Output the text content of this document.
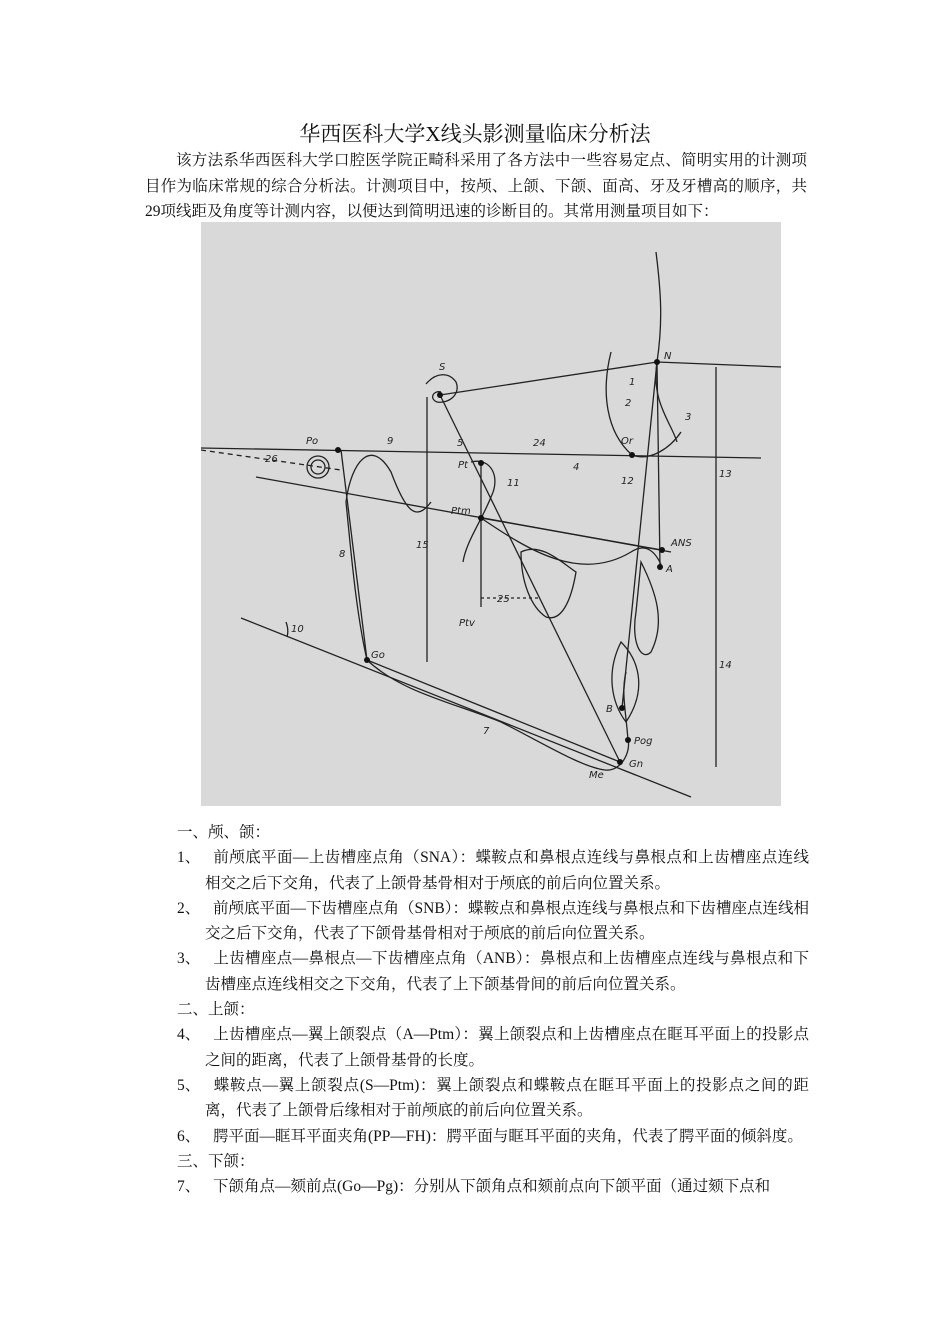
华西医科大学X线头影测量临床分析法

该方法系华西医科大学口腔医学院正畸科采用了各方法中一些容易定点、简明实用的计测项目作为临床常规的综合分析法。计测项目中，按颅、上颌、下颌、面高、牙及牙槽高的顺序，共29项线距及角度等计测内容，以便达到简明迅速的诊断目的。其常用测量项目如下：

S
N
Po	Or
Pt
Ptm
ANS
A
B
Pog
Gn
Me
Go
Ptv
1
2
3
4
5
26
7
8
9
10
11	12
13
14
15
24
25

一、颅、颌：

1、 前颅底平面—上齿槽座点角（SNA）：蝶鞍点和鼻根点连线与鼻根点和上齿槽座点连线相交之后下交角，代表了上颌骨基骨相对于颅底的前后向位置关系。

2、 前颅底平面—下齿槽座点角（SNB）：蝶鞍点和鼻根点连线与鼻根点和下齿槽座点连线相交之后下交角，代表了下颌骨基骨相对于颅底的前后向位置关系。

3、 上齿槽座点—鼻根点—下齿槽座点角（ANB）：鼻根点和上齿槽座点连线与鼻根点和下齿槽座点连线相交之下交角，代表了上下颌基骨间的前后向位置关系。

二、上颌：

4、 上齿槽座点—翼上颌裂点（A—Ptm）：翼上颌裂点和上齿槽座点在眶耳平面上的投影点之间的距离，代表了上颌骨基骨的长度。

5、 蝶鞍点—翼上颌裂点(S—Ptm)：翼上颌裂点和蝶鞍点在眶耳平面上的投影点之间的距离，代表了上颌骨后缘相对于前颅底的前后向位置关系。

6、 腭平面—眶耳平面夹角(PP—FH)：腭平面与眶耳平面的夹角，代表了腭平面的倾斜度。

三、下颌：

7、 下颌角点—颏前点(Go—Pg)：分别从下颌角点和颏前点向下颌平面（通过颏下点和
